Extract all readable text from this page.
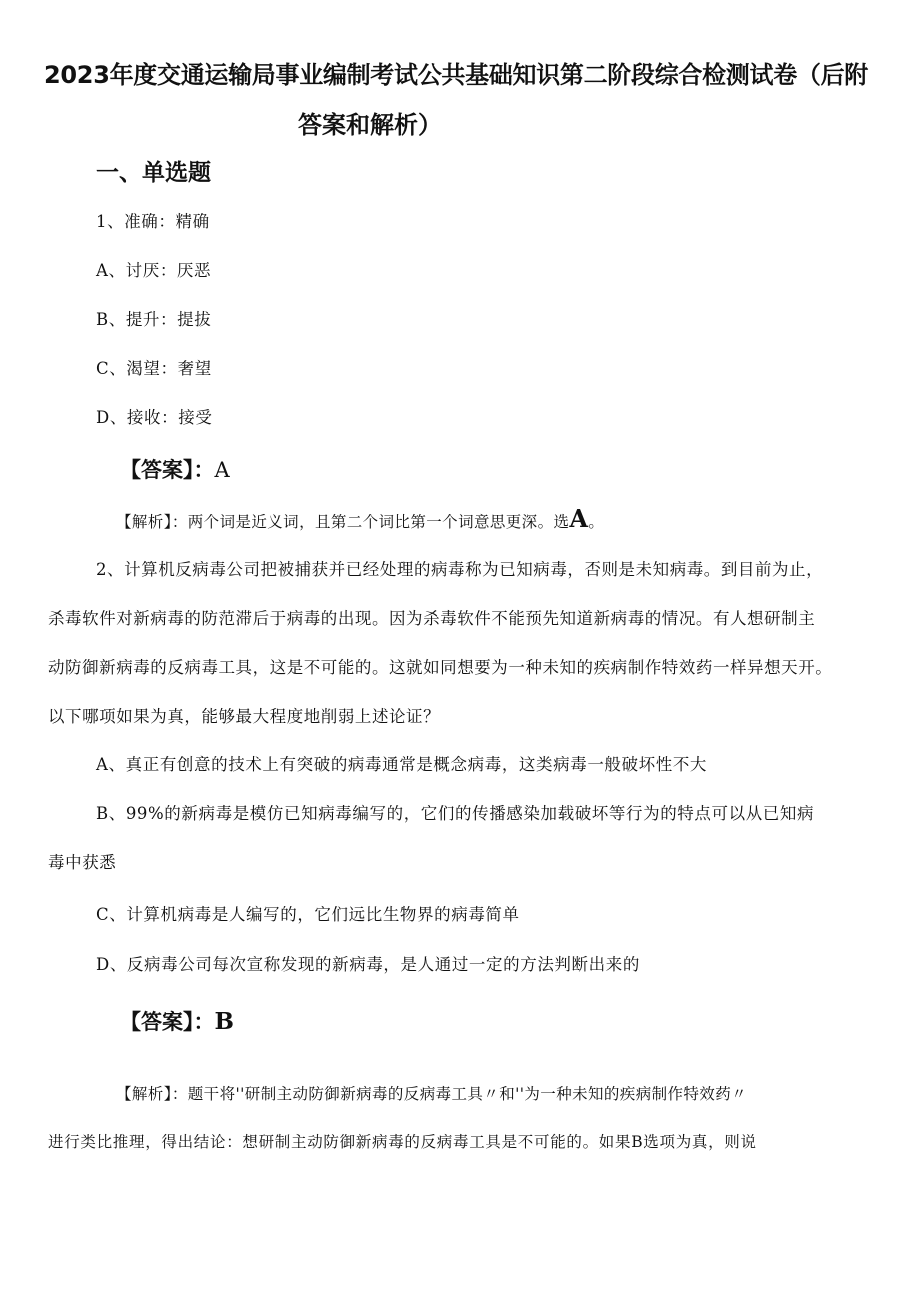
2023年度交通运输局事业编制考试公共基础知识第二阶段综合检测试卷（后附
答案和解析）
一、单选题
1、准确：精确
A、讨厌：厌恶
B、提升：提拔
C、渴望：奢望
D、接收：接受
【答案】：A
【解析】：两个词是近义词，且第二个词比第一个词意思更深。选A。
2、计算机反病毒公司把被捕获并已经处理的病毒称为已知病毒，否则是未知病毒。到目前为止，
杀毒软件对新病毒的防范滞后于病毒的出现。因为杀毒软件不能预先知道新病毒的情况。有人想研制主
动防御新病毒的反病毒工具，这是不可能的。这就如同想要为一种未知的疾病制作特效药一样异想天开。
以下哪项如果为真，能够最大程度地削弱上述论证？
A、真正有创意的技术上有突破的病毒通常是概念病毒，这类病毒一般破坏性不大
B、99%的新病毒是模仿已知病毒编写的，它们的传播感染加载破坏等行为的特点可以从已知病
毒中获悉
C、计算机病毒是人编写的，它们远比生物界的病毒简单
D、反病毒公司每次宣称发现的新病毒，是人通过一定的方法判断出来的
【答案】：B
【解析】：题干将''研制主动防御新病毒的反病毒工具〃和''为一种未知的疾病制作特效药〃
进行类比推理，得出结论：想研制主动防御新病毒的反病毒工具是不可能的。如果B选项为真，则说
